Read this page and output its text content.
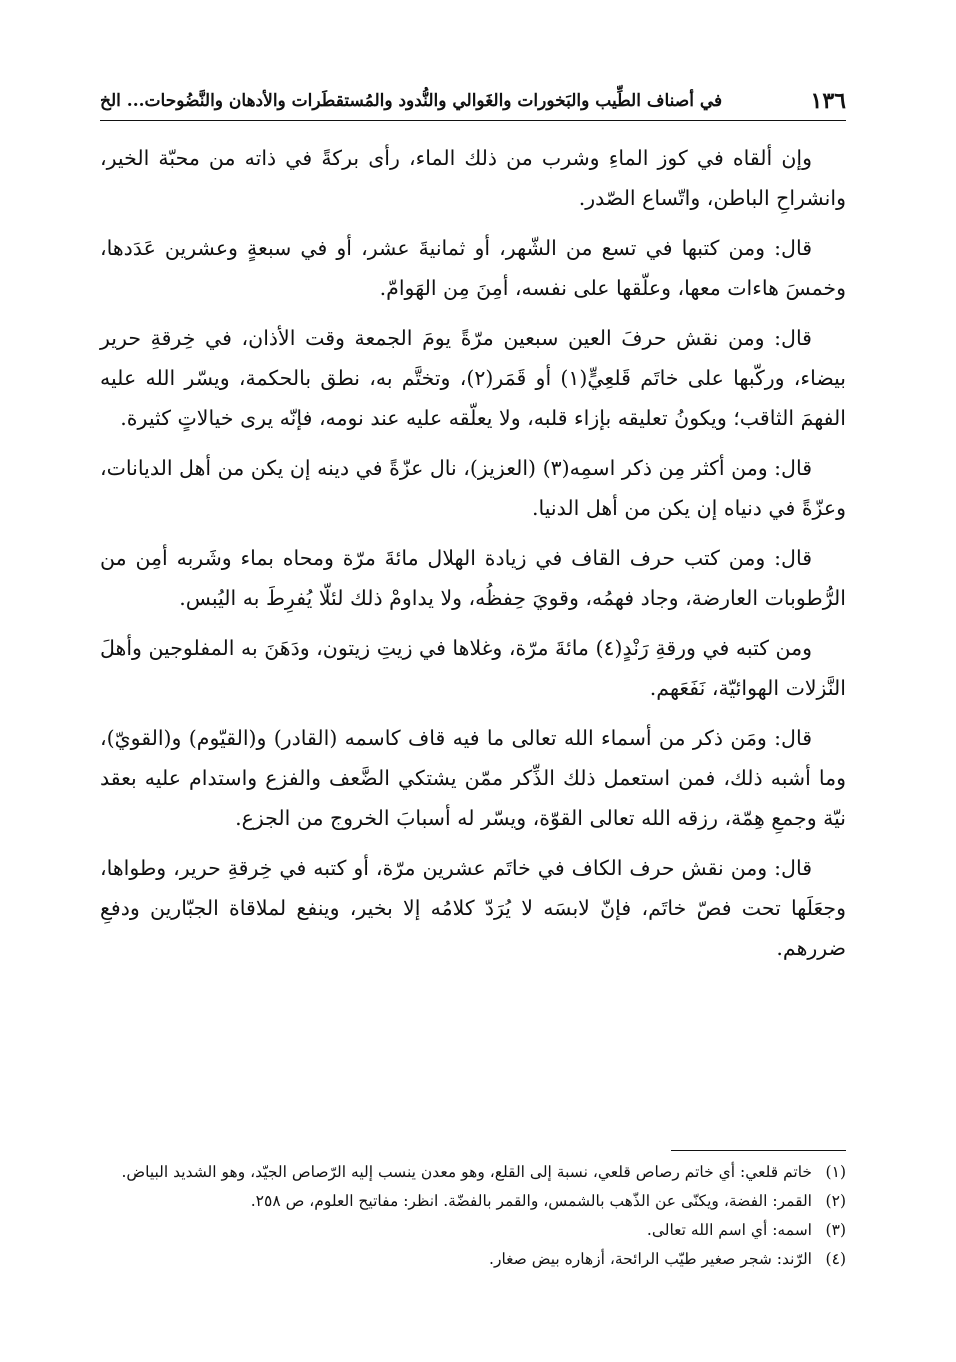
١٣٦
في أصناف الطِّيب والبَخورات والغَوالي والنُّدود والمُستقطَرات والأدهان والنَّضُوحات... الخ

وإن ألقاه في كوز الماءِ وشرب من ذلك الماء، رأى بركةً في ذاته من محبّة الخير، وانشراحِ الباطن، واتّساع الصّدر.

قال: ومن كتبها في تسع من الشّهر، أو ثمانيةَ عشر، أو في سبعةٍ وعشرين عَدَدها، وخمسَ هاءات معها، وعلّقها على نفسه، أمِنَ مِن الهَوامّ.

قال: ومن نقش حرفَ العين سبعين مرّةً يومَ الجمعة وقت الأذان، في خِرقةِ حرير بيضاء، وركّبها على خاتَم قَلعِيٍّ(١) أو قَمَر(٢)، وتختَّم به، نطق بالحكمة، ويسّر الله عليه الفهمَ الثاقب؛ ويكونُ تعليقه بإزاء قلبه، ولا يعلّقه عليه عند نومه، فإنّه يرى خيالاتٍ كثيرة.

قال: ومن أكثر مِن ذكر اسمِه(٣) (العزيز)، نال عزّةً في دينه إن يكن من أهل الديانات، وعزّةً في دنياه إن يكن من أهل الدنيا.

قال: ومن كتب حرف القاف في زيادة الهلال مائةَ مرّة ومحاه بماء وشَربه أمِن من الرُّطوبات العارضة، وجاد فهمُه، وقويَ حِفظُه، ولا يداومْ ذلك لئلّا يُفرِطَ به اليُبس.

ومن كتبه في ورقةِ رَنْدٍ(٤) مائةَ مرّة، وغلاها في زيتِ زيتون، ودَهَنَ به المفلوجين وأهلَ النَّزلات الهوائيّة، نَفَعَهم.

قال: ومَن ذكر من أسماء الله تعالى ما فيه قاف كاسمه (القادر) و(القيّوم) و(القويّ)، وما أشبه ذلك، فمن استعمل ذلك الذِّكر ممّن يشتكي الضَّعف والفزع واستدام عليه بعقد نيّة وجمعِ هِمّة، رزقه الله تعالى القوّة، ويسّر له أسبابَ الخروج من الجزع.

قال: ومن نقش حرف الكاف في خاتَم عشرين مرّة، أو كتبه في خِرقةِ حرير، وطواها، وجعَلَها تحت فصّ خاتَم، فإنّ لابسَه لا يُرَدّ كلامُه إلا بخير، وينفع لملاقاة الجبّارين ودفعِ ضررهم.

(١)
خاتم قلعي: أي خاتم رصاص قلعي، نسبة إلى القلع، وهو معدن ينسب إليه الرّصاص الجيّد، وهو الشديد البياض.
(٢)
القمر: الفضة، ويكنّى عن الذّهب بالشمس، والقمر بالفضّة. انظر: مفاتيح العلوم، ص ٢٥٨.
(٣)
اسمه: أي اسم الله تعالى.
(٤)
الرّند: شجر صغير طيّب الرائحة، أزهاره بيض صغار.
